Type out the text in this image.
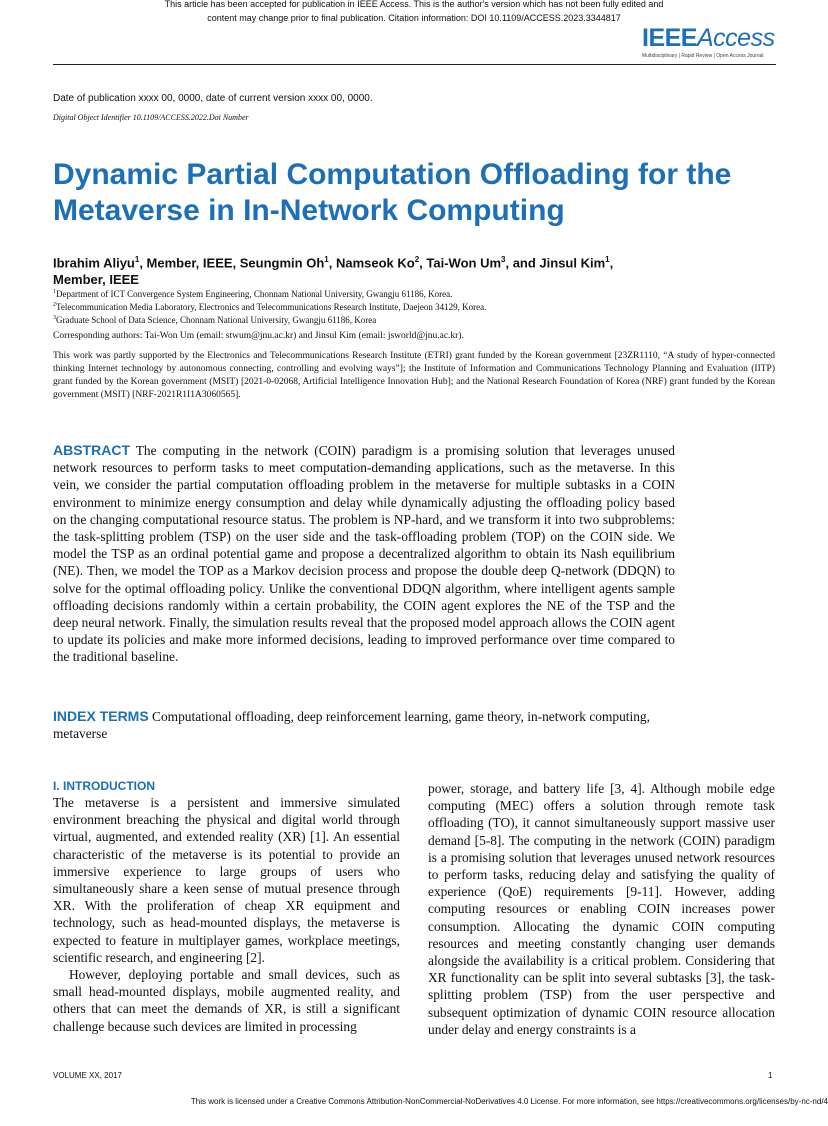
This article has been accepted for publication in IEEE Access. This is the author's version which has not been fully edited and
content may change prior to final publication. Citation information: DOI 10.1109/ACCESS.2023.3344817
IEEEAccess
Multidisciplinary | Rapid Review | Open Access Journal
Date of publication xxxx 00, 0000, date of current version xxxx 00, 0000.
Digital Object Identifier 10.1109/ACCESS.2022.Doi Number
Dynamic Partial Computation Offloading for the Metaverse in In-Network Computing
Ibrahim Aliyu$^1$, Member, IEEE, Seungmin Oh$^1$, Namseok Ko$^2$, Tai-Won Um$^3$, and Jinsul Kim$^1$, Member, IEEE
$^1$Department of ICT Convergence System Engineering, Chonnam National University, Gwangju 61186, Korea.
$^2$Telecommunication Media Laboratory, Electronics and Telecommunications Research Institute, Daejeon 34129, Korea.
$^3$Graduate School of Data Science, Chonnam National University, Gwangju 61186, Korea
Corresponding authors: Tai-Won Um (email: stwum@jnu.ac.kr) and Jinsul Kim (email: jsworld@jnu.ac.kr).
This work was partly supported by the Electronics and Telecommunications Research Institute (ETRI) grant funded by the Korean government [23ZR1110, “A study of hyper-connected thinking Internet technology by autonomous connecting, controlling and evolving ways”]; the Institute of Information and Communications Technology Planning and Evaluation (IITP) grant funded by the Korean government (MSIT) [2021-0-02068, Artificial Intelligence Innovation Hub]; and the National Research Foundation of Korea (NRF) grant funded by the Korean government (MSIT) [NRF-2021R1I1A3060565].
ABSTRACT The computing in the network (COIN) paradigm is a promising solution that leverages unused network resources to perform tasks to meet computation-demanding applications, such as the metaverse. In this vein, we consider the partial computation offloading problem in the metaverse for multiple subtasks in a COIN environment to minimize energy consumption and delay while dynamically adjusting the offloading policy based on the changing computational resource status. The problem is NP-hard, and we transform it into two subproblems: the task-splitting problem (TSP) on the user side and the task-offloading problem (TOP) on the COIN side. We model the TSP as an ordinal potential game and propose a decentralized algorithm to obtain its Nash equilibrium (NE). Then, we model the TOP as a Markov decision process and propose the double deep Q-network (DDQN) to solve for the optimal offloading policy. Unlike the conventional DDQN algorithm, where intelligent agents sample offloading decisions randomly within a certain probability, the COIN agent explores the NE of the TSP and the deep neural network. Finally, the simulation results reveal that the proposed model approach allows the COIN agent to update its policies and make more informed decisions, leading to improved performance over time compared to the traditional baseline.
INDEX TERMS Computational offloading, deep reinforcement learning, game theory, in-network computing, metaverse
I. INTRODUCTION

The metaverse is a persistent and immersive simulated environment breaching the physical and digital world through virtual, augmented, and extended reality (XR) [1]. An essential characteristic of the metaverse is its potential to provide an immersive experience to large groups of users who simultaneously share a keen sense of mutual presence through XR. With the proliferation of cheap XR equipment and technology, such as head-mounted displays, the metaverse is expected to feature in multiplayer games, workplace meetings, scientific research, and engineering [2].

However, deploying portable and small devices, such as small head-mounted displays, mobile augmented reality, and others that can meet the demands of XR, is still a significant challenge because such devices are limited in processing

power, storage, and battery life [3, 4]. Although mobile edge computing (MEC) offers a solution through remote task offloading (TO), it cannot simultaneously support massive user demand [5-8]. The computing in the network (COIN) paradigm is a promising solution that leverages unused network resources to perform tasks, reducing delay and satisfying the quality of experience (QoE) requirements [9-11]. However, adding computing resources or enabling COIN increases power consumption. Allocating the dynamic COIN computing resources and meeting constantly changing user demands alongside the availability is a critical problem. Considering that XR functionality can be split into several subtasks [3], the task-splitting problem (TSP) from the user perspective and subsequent optimization of dynamic COIN resource allocation under delay and energy constraints is a

VOLUME XX, 2017	1
This work is licensed under a Creative Commons Attribution-NonCommercial-NoDerivatives 4.0 License. For more information, see https://creativecommons.org/licenses/by-nc-nd/4
